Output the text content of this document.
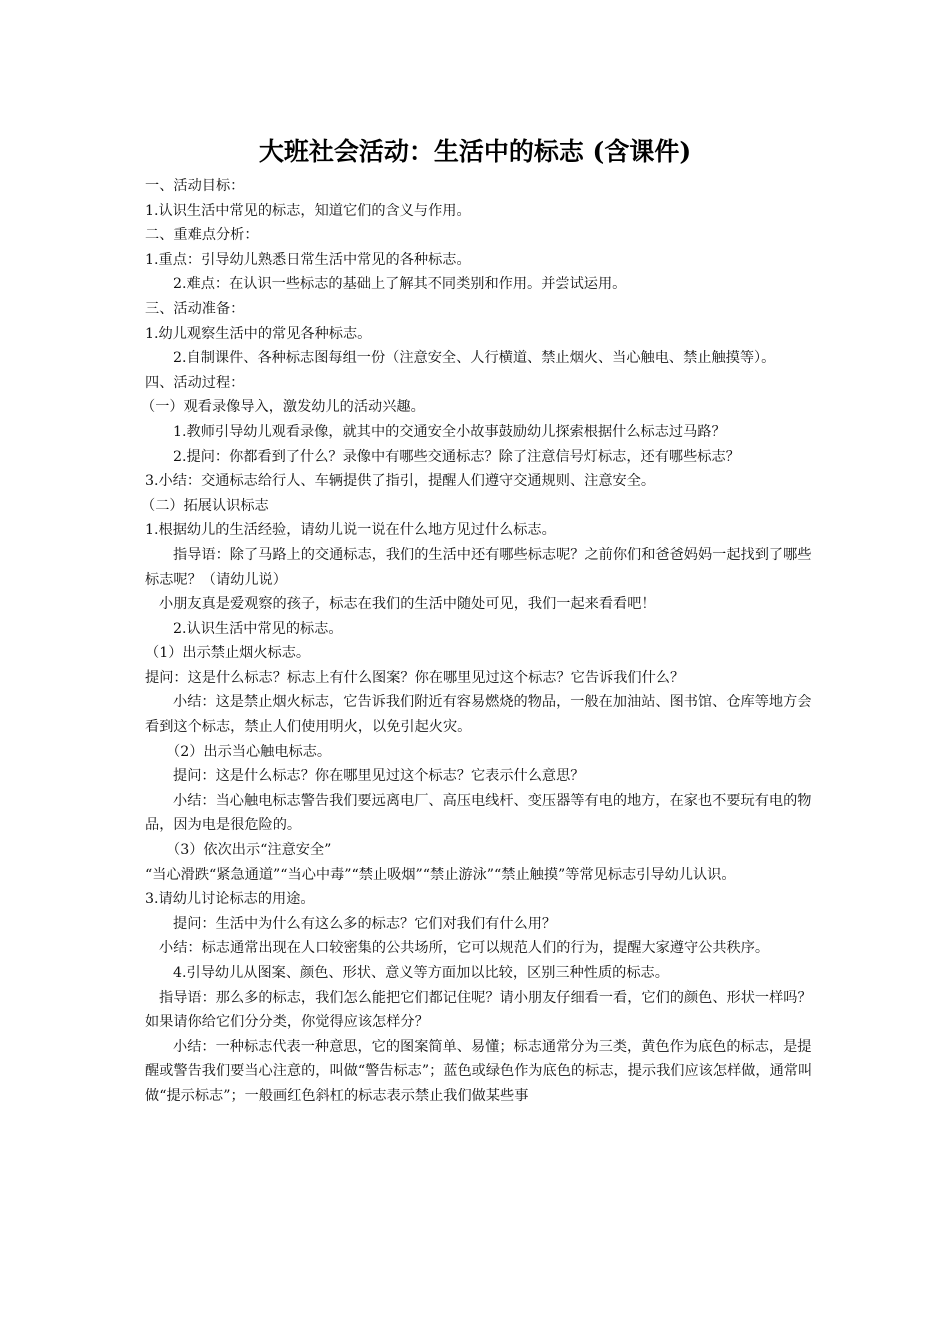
大班社会活动：生活中的标志 (含课件)

一、活动目标：

1.认识生活中常见的标志，知道它们的含义与作用。

二、重难点分析：

1.重点：引导幼儿熟悉日常生活中常见的各种标志。

2.难点：在认识一些标志的基础上了解其不同类别和作用。并尝试运用。

三、活动准备：

1.幼儿观察生活中的常见各种标志。

2.自制课件、各种标志图每组一份（注意安全、人行横道、禁止烟火、当心触电、禁止触摸等）。

四、活动过程：

（一）观看录像导入，激发幼儿的活动兴趣。

1.教师引导幼儿观看录像，就其中的交通安全小故事鼓励幼儿探索根据什么标志过马路？

2.提问：你都看到了什么？录像中有哪些交通标志？除了注意信号灯标志，还有哪些标志？

3.小结：交通标志给行人、车辆提供了指引，提醒人们遵守交通规则、注意安全。

（二）拓展认识标志

1.根据幼儿的生活经验，请幼儿说一说在什么地方见过什么标志。

指导语：除了马路上的交通标志，我们的生活中还有哪些标志呢？之前你们和爸爸妈妈一起找到了哪些标志呢？（请幼儿说）

小朋友真是爱观察的孩子，标志在我们的生活中随处可见，我们一起来看看吧！

2.认识生活中常见的标志。

（1）出示禁止烟火标志。

提问：这是什么标志？标志上有什么图案？你在哪里见过这个标志？它告诉我们什么？

小结：这是禁止烟火标志，它告诉我们附近有容易燃烧的物品，一般在加油站、图书馆、仓库等地方会看到这个标志，禁止人们使用明火，以免引起火灾。

（2）出示当心触电标志。

提问：这是什么标志？你在哪里见过这个标志？它表示什么意思？

小结：当心触电标志警告我们要远离电厂、高压电线杆、变压器等有电的地方，在家也不要玩有电的物品，因为电是很危险的。

（3）依次出示“注意安全”

“当心滑跌“紧急通道”“当心中毒”“禁止吸烟”“禁止游泳”“禁止触摸”等常见标志引导幼儿认识。

3.请幼儿讨论标志的用途。

提问：生活中为什么有这么多的标志？它们对我们有什么用？

小结：标志通常出现在人口较密集的公共场所，它可以规范人们的行为，提醒大家遵守公共秩序。

4.引导幼儿从图案、颜色、形状、意义等方面加以比较，区别三种性质的标志。

指导语：那么多的标志，我们怎么能把它们都记住呢？请小朋友仔细看一看，它们的颜色、形状一样吗？如果请你给它们分分类，你觉得应该怎样分？

小结：一种标志代表一种意思，它的图案简单、易懂；标志通常分为三类，黄色作为底色的标志，是提醒或警告我们要当心注意的，叫做“警告标志”；蓝色或绿色作为底色的标志，提示我们应该怎样做，通常叫做“提示标志”；一般画红色斜杠的标志表示禁止我们做某些事
